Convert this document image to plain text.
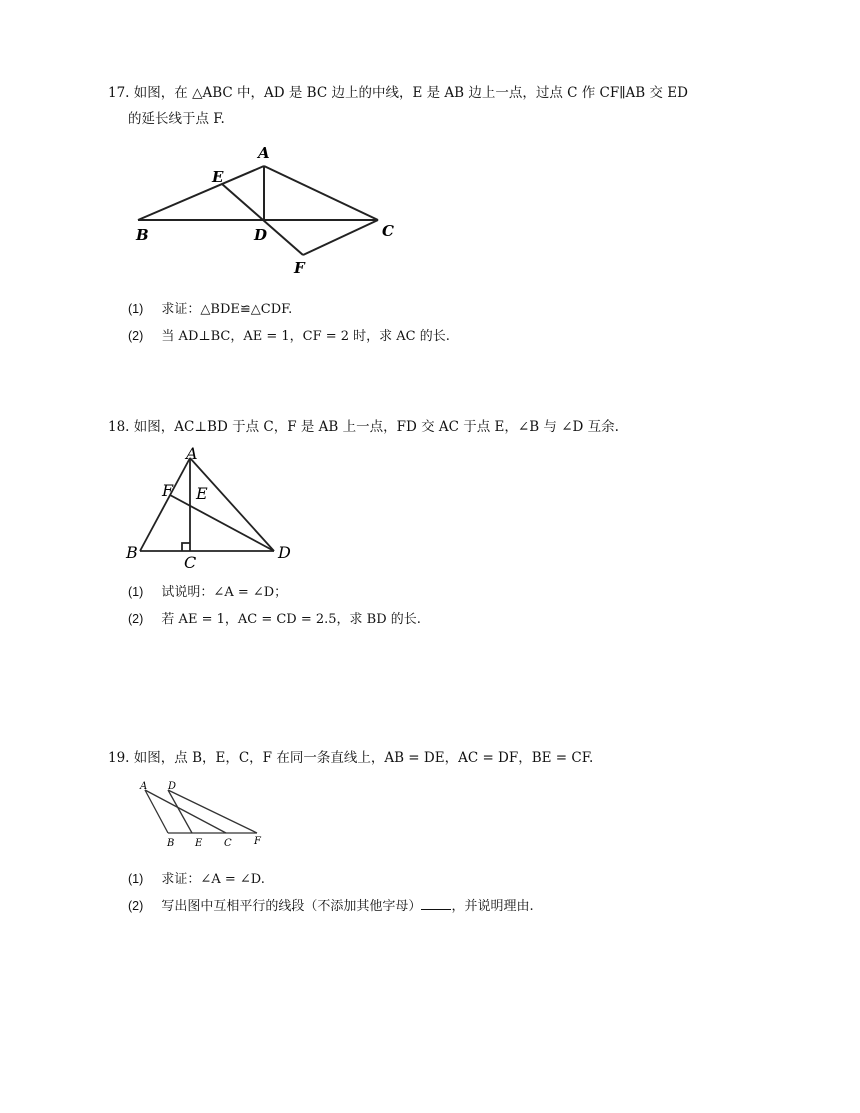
17. 如图，在 △ABC 中，AD 是 BC 边上的中线，E 是 AB 边上一点，过点 C 作 CF∥AB 交 ED
的延长线于点 F.
A
E
B	D	C
F
(1) 求证：△BDE≌△CDF.
(2) 当 AD⊥BC，AE = 1，CF = 2 时，求 AC 的长.
18. 如图，AC⊥BD 于点 C，F 是 AB 上一点，FD 交 AC 于点 E，∠B 与 ∠D 互余.
A
F E
B
C
D
(1) 试说明：∠A = ∠D；
(2) 若 AE = 1，AC = CD = 2.5，求 BD 的长.
19. 如图，点 B，E，C，F 在同一条直线上，AB = DE，AC = DF，BE = CF.
A D
B E C F
(1) 求证：∠A = ∠D.
(2) 写出图中互相平行的线段（不添加其他字母） ，并说明理由.
